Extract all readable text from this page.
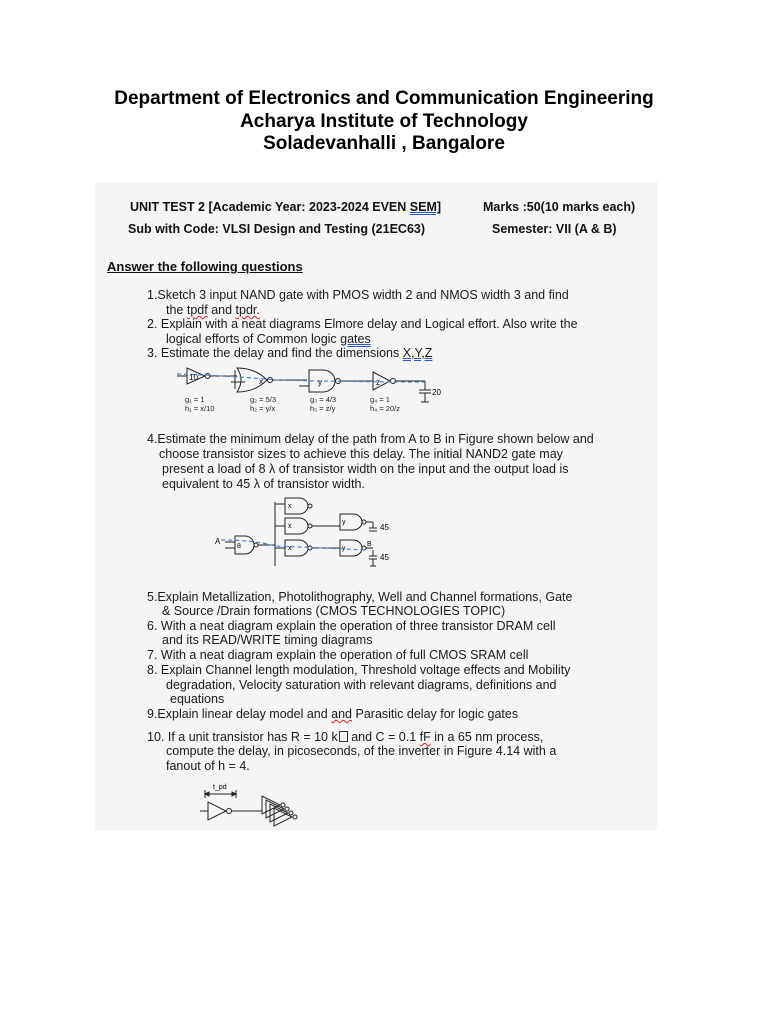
Department of Electronics and Communication Engineering
Acharya Institute of Technology
Soladevanhalli , Bangalore
UNIT TEST 2 [Academic Year: 2023-2024 EVEN SEM]	Marks :50(10 marks each)
Sub with Code: VLSI Design and Testing (21EC63)	Semester: VII (A & B)
Answer the following questions
1.Sketch 3 input NAND gate with PMOS width 2 and NMOS width 3 and find
the tpdf and tpdr.
2. Explain with a neat diagrams Elmore delay and Logical effort. Also write the
logical efforts of Common logic gates
3. Estimate the delay and find the dimensions X,Y,Z
10	x	y	z
20
g₁ = 1
h₁ = x/10
g₂ = 5/3
h₂ = y/x
g₃ = 4/3
h₃ = z/y
g₄ = 1
h₄ = 20/z
4.Estimate the minimum delay of the path from A to B in Figure shown below and
choose transistor sizes to achieve this delay. The initial NAND2 gate may
present a load of 8 λ of transistor width on the input and the output load is
equivalent to 45 λ of transistor width.
A
8
x
x
x
y
y
45
B
45
5.Explain Metallization, Photolithography, Well and Channel formations, Gate
& Source /Drain formations (CMOS TECHNOLOGIES TOPIC)
6. With a neat diagram explain the operation of three transistor DRAM cell
and its READ/WRITE timing diagrams
7. With a neat diagram explain the operation of full CMOS SRAM cell
8. Explain Channel length modulation, Threshold voltage effects and Mobility
degradation, Velocity saturation with relevant diagrams, definitions and
equations
9.Explain linear delay model and and Parasitic delay for logic gates
10. If a unit transistor has R = 10 k and C = 0.1 fF in a 65 nm process,
compute the delay, in picoseconds, of the inverter in Figure 4.14 with a
fanout of h = 4.
t_pd
